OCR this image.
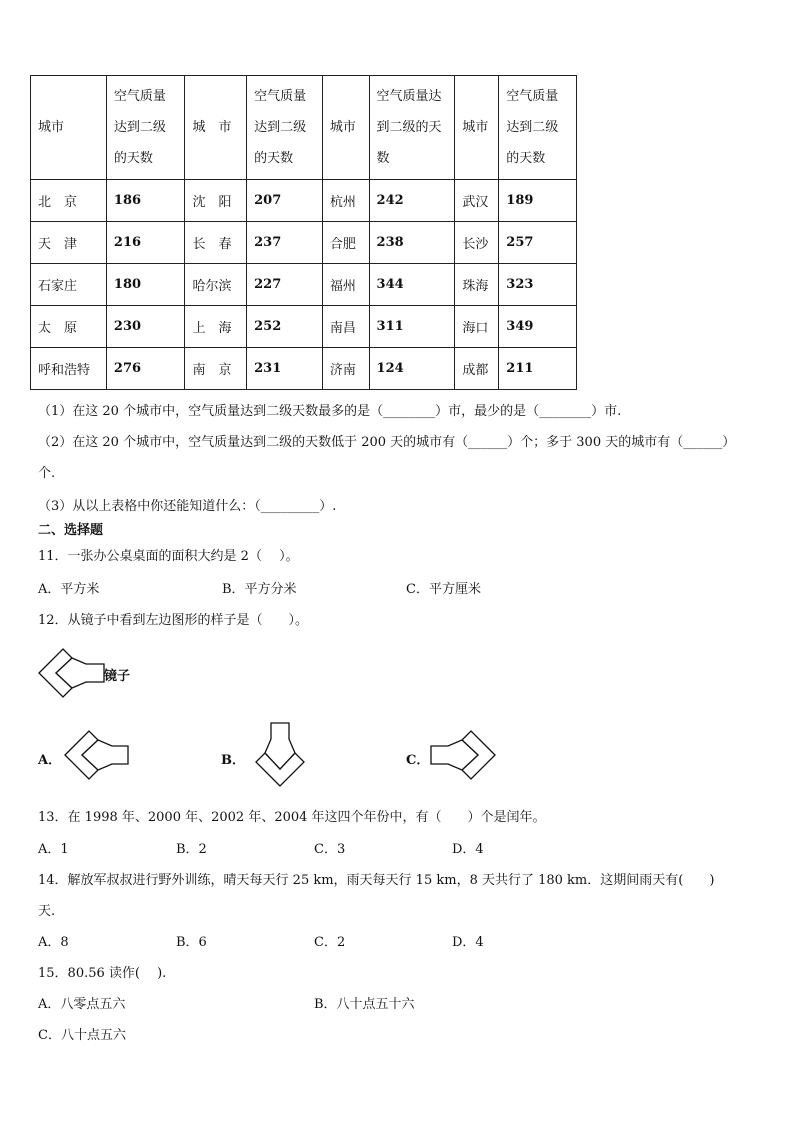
城市	空气质量达到二级的天数	城　市	空气质量达到二级的天数	城市	空气质量达到二级的天数	城市	空气质量达到二级的天数

北　京	186	沈　阳	207	杭州	242	武汉	189
天　津	216	长　春	237	合肥	238	长沙	257
石家庄	180	哈尔滨	227	福州	344	珠海	323
太　原	230	上　海	252	南昌	311	海口	349
呼和浩特	276	南　京	231	济南	124	成都	211
（1）在这 20 个城市中，空气质量达到二级天数最多的是（________）市，最少的是（________）市.
（2）在这 20 个城市中，空气质量达到二级的天数低于 200 天的城市有（______）个；多于 300 天的城市有（______）
个.
（3）从以上表格中你还能知道什么：（_________）.
二、选择题
11．一张办公桌桌面的面积大约是 2（　 ）。
A．平方米	B．平方分米	C．平方厘米
12．从镜子中看到左边图形的样子是（　　）。
镜子
A．	B．	C．
13．在 1998 年、2000 年、2002 年、2004 年这四个年份中，有（　　）个是闰年。
A．1	B．2	C．3	D．4
14．解放军叔叔进行野外训练，晴天每天行 25 km，雨天每天行 15 km，8 天共行了 180 km．这期间雨天有(　　)
天.
A．8	B．6	C．2	D．4
15．80.56 读作(　 ).
A．八零点五六	B．八十点五十六
C．八十点五六
